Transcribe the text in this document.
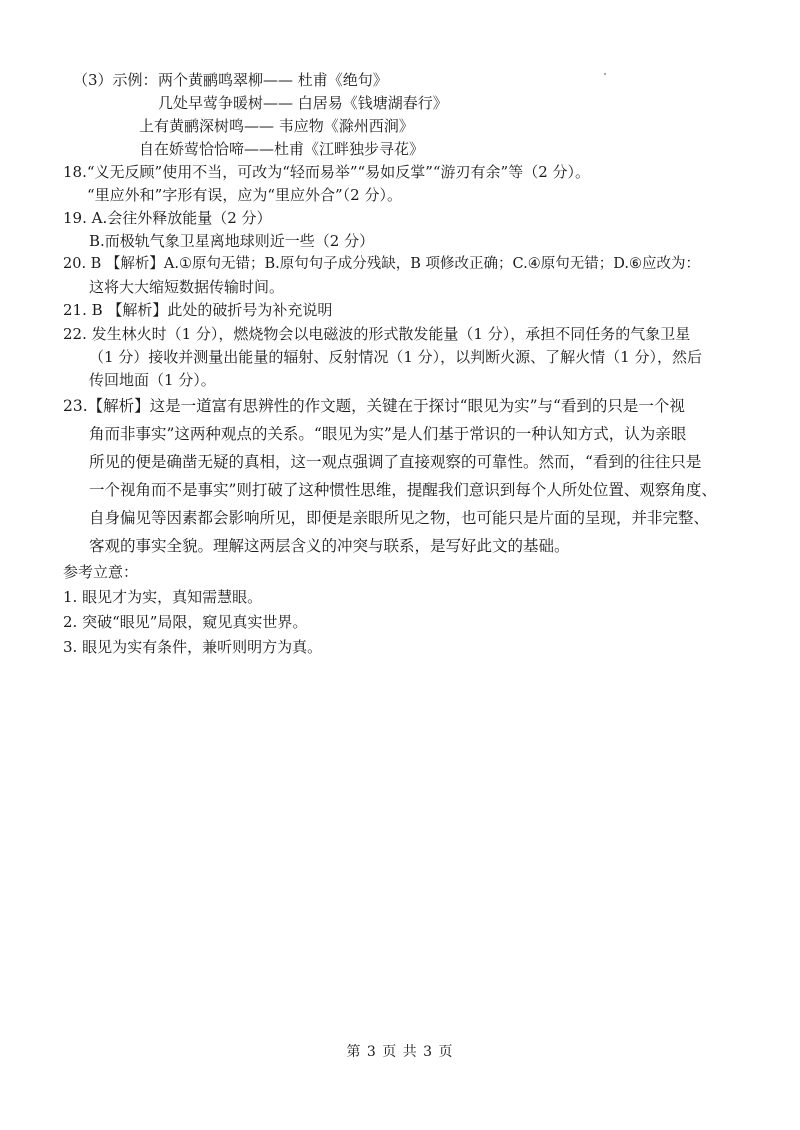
（3）示例： 两个黄鹂鸣翠柳—— 杜甫《绝句》
几处早莺争暖树—— 白居易《钱塘湖春行》
上有黄鹂深树鸣—— 韦应物《滁州西涧》
自在娇莺恰恰啼——杜甫《江畔独步寻花》
18.“义无反顾”使用不当，可改为“轻而易举”“易如反掌”“游刃有余”等（2 分）。
“里应外和”字形有误，应为“里应外合”（2 分）。
19. A.会往外释放能量（2 分）
B.而极轨气象卫星离地球则近一些（2 分）
20. B 【解析】A.①原句无错；B.原句句子成分残缺，B 项修改正确；C.④原句无错；D.⑥应改为：
这将大大缩短数据传输时间。
21. B 【解析】此处的破折号为补充说明
22. 发生林火时（1 分），燃烧物会以电磁波的形式散发能量（1 分），承担不同任务的气象卫星
（1 分）接收并测量出能量的辐射、反射情况（1 分），以判断火源、了解火情（1 分），然后
传回地面（1 分）。
23.【解析】这是一道富有思辨性的作文题，关键在于探讨“眼见为实”与“看到的只是一个视
角而非事实”这两种观点的关系。“眼见为实”是人们基于常识的一种认知方式，认为亲眼
所见的便是确凿无疑的真相，这一观点强调了直接观察的可靠性。然而，“看到的往往只是
一个视角而不是事实”则打破了这种惯性思维，提醒我们意识到每个人所处位置、观察角度、
自身偏见等因素都会影响所见，即便是亲眼所见之物，也可能只是片面的呈现，并非完整、
客观的事实全貌。理解这两层含义的冲突与联系，是写好此文的基础。
参考立意：
1. 眼见才为实，真知需慧眼。
2. 突破“眼见”局限，窥见真实世界。
3. 眼见为实有条件，兼听则明方为真。
第 3 页 共 3 页
